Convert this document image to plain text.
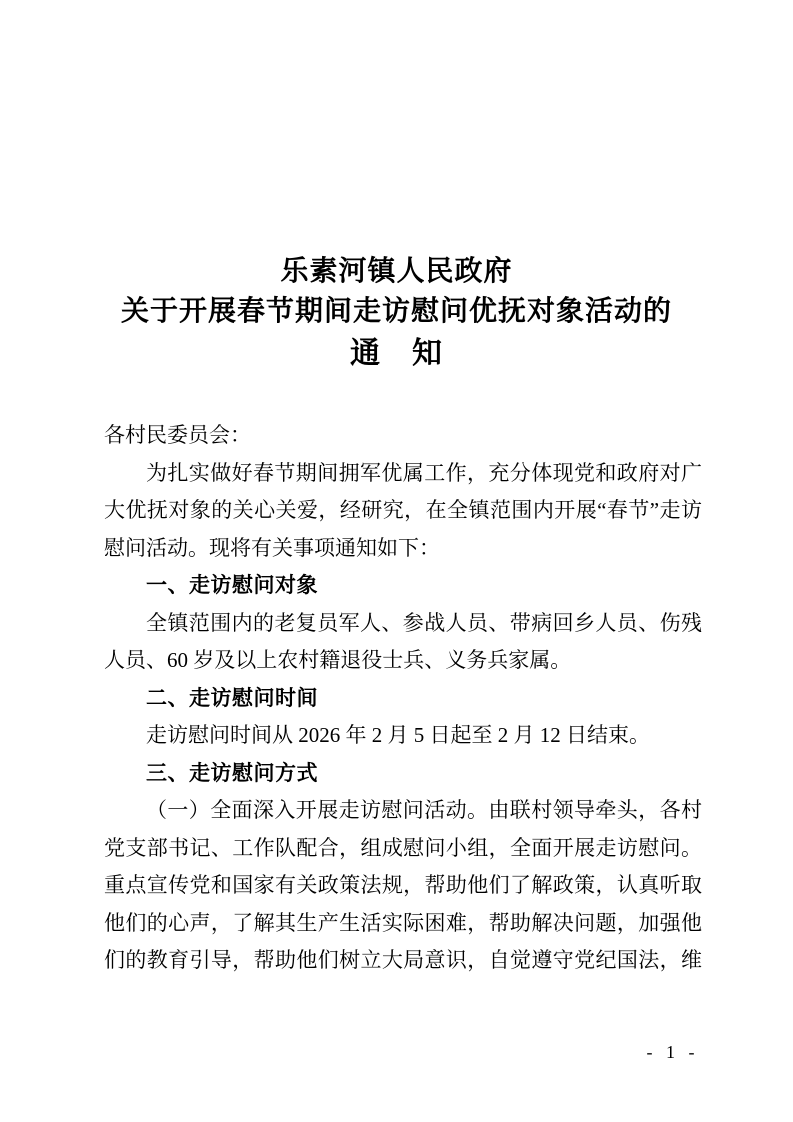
乐素河镇人民政府
关于开展春节期间走访慰问优抚对象活动的
通　知

各村民委员会：

为扎实做好春节期间拥军优属工作，充分体现党和政府对广大优抚对象的关心关爱，经研究，在全镇范围内开展“春节”走访慰问活动。现将有关事项通知如下：

一、走访慰问对象

全镇范围内的老复员军人、参战人员、带病回乡人员、伤残人员、60 岁及以上农村籍退役士兵、义务兵家属。

二、走访慰问时间

走访慰问时间从 2026 年 2 月 5 日起至 2 月 12 日结束。

三、走访慰问方式

（一）全面深入开展走访慰问活动。由联村领导牵头，各村党支部书记、工作队配合，组成慰问小组，全面开展走访慰问。重点宣传党和国家有关政策法规，帮助他们了解政策，认真听取他们的心声，了解其生产生活实际困难，帮助解决问题，加强他们的教育引导，帮助他们树立大局意识，自觉遵守党纪国法，维

- 1 -
